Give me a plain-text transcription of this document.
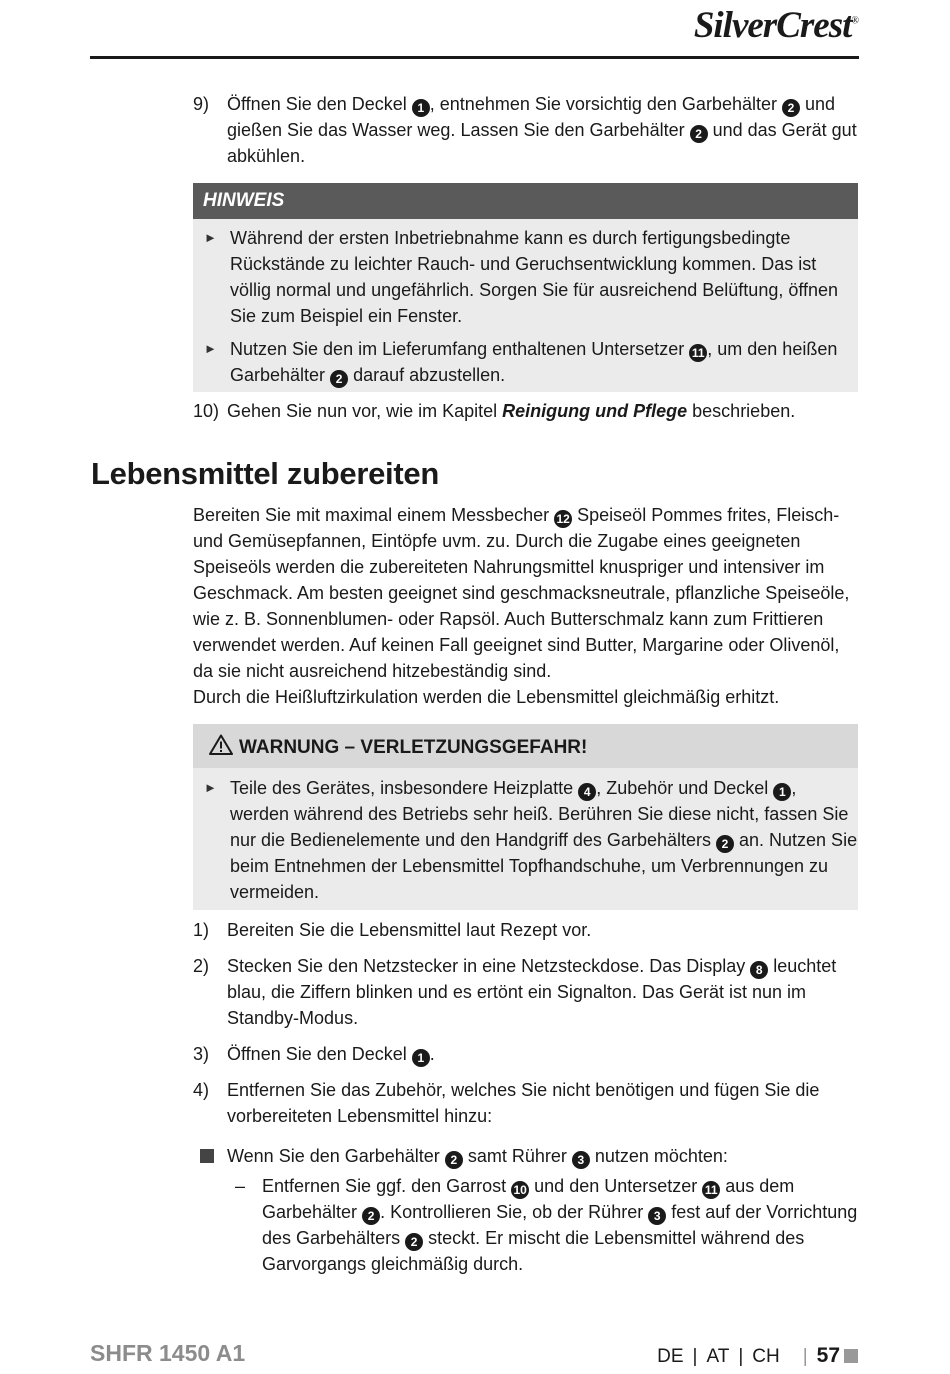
SilverCrest®
9) Öffnen Sie den Deckel 1 , entnehmen Sie vorsichtig den Garbehälter 2 und gießen Sie das Wasser weg. Lassen Sie den Garbehälter 2 und das Gerät gut abkühlen.
HINWEIS
► Während der ersten Inbetriebnahme kann es durch fertigungsbedingte Rückstände zu leichter Rauch- und Geruchsentwicklung kommen. Das ist völlig normal und ungefährlich. Sorgen Sie für ausreichend Belüftung, öffnen Sie zum Beispiel ein Fenster.
► Nutzen Sie den im Lieferumfang enthaltenen Untersetzer 11 , um den heißen Garbehälter 2 darauf abzustellen.
10) Gehen Sie nun vor, wie im Kapitel Reinigung und Pflege beschrieben.
Lebensmittel zubereiten

Bereiten Sie mit maximal einem Messbecher 12 Speiseöl Pommes frites, Fleisch- und Gemüsepfannen, Eintöpfe uvm. zu. Durch die Zugabe eines geeigneten Speiseöls werden die zubereiteten Nahrungsmittel knuspriger und intensiver im Geschmack. Am besten geeignet sind geschmacksneutrale, pflanzliche Speiseöle, wie z. B. Sonnenblumen- oder Rapsöl. Auch Butterschmalz kann zum Frittieren verwendet werden. Auf keinen Fall geeignet sind Butter, Margarine oder Olivenöl, da sie nicht ausreichend hitzebeständig sind.

Durch die Heißluftzirkulation werden die Lebensmittel gleichmäßig erhitzt.

WARNUNG – VERLETZUNGSGEFAHR!
► Teile des Gerätes, insbesondere Heizplatte 4 , Zubehör und Deckel 1 , werden während des Betriebs sehr heiß. Berühren Sie diese nicht, fassen Sie nur die Bedienelemente und den Handgriff des Garbehälters 2 an. Nutzen Sie beim Entnehmen der Lebensmittel Topfhandschuhe, um Verbrennungen zu vermeiden.
1) Bereiten Sie die Lebensmittel laut Rezept vor.
2) Stecken Sie den Netzstecker in eine Netzsteckdose. Das Display 8 leuchtet blau, die Ziffern blinken und es ertönt ein Signalton. Das Gerät ist nun im Standby-Modus.
3) Öffnen Sie den Deckel 1 .
4) Entfernen Sie das Zubehör, welches Sie nicht benötigen und fügen Sie die vorbereiteten Lebensmittel hinzu:
Wenn Sie den Garbehälter 2 samt Rührer 3 nutzen möchten:
– Entfernen Sie ggf. den Garrost 10 und den Untersetzer 11 aus dem Garbehälter 2 . Kontrollieren Sie, ob der Rührer 3 fest auf der Vorrichtung des Garbehälters 2 steckt. Er mischt die Lebensmittel während des Garvorgangs gleichmäßig durch.
SHFR 1450 A1	DE | AT | CH | 57
